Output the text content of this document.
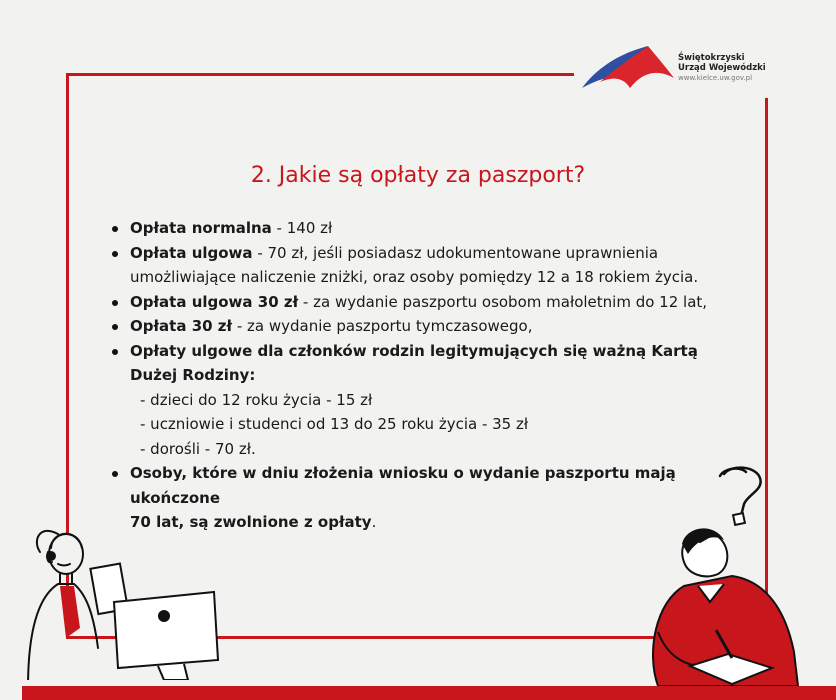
Świętokrzyski
Urząd Wojewódzki
www.kielce.uw.gov.pl
2. Jakie są opłaty za paszport?
Opłata normalna - 140 zł
Opłata ulgowa - 70 zł, jeśli posiadasz udokumentowane uprawnienia umożliwiające naliczenie zniżki, oraz osoby pomiędzy 12 a 18 rokiem życia.
Opłata ulgowa 30 zł - za wydanie paszportu osobom małoletnim do 12 lat,
Opłata 30 zł - za wydanie paszportu tymczasowego,
Opłaty ulgowe dla członków rodzin legitymujących się ważną Kartą Dużej Rodziny:
- dzieci do 12 roku życia - 15 zł
- uczniowie i studenci od 13 do 25 roku życia - 35 zł
- dorośli - 70 zł.
Osoby, które w dniu złożenia wniosku o wydanie paszportu mają ukończone
70 lat, są zwolnione z opłaty.
